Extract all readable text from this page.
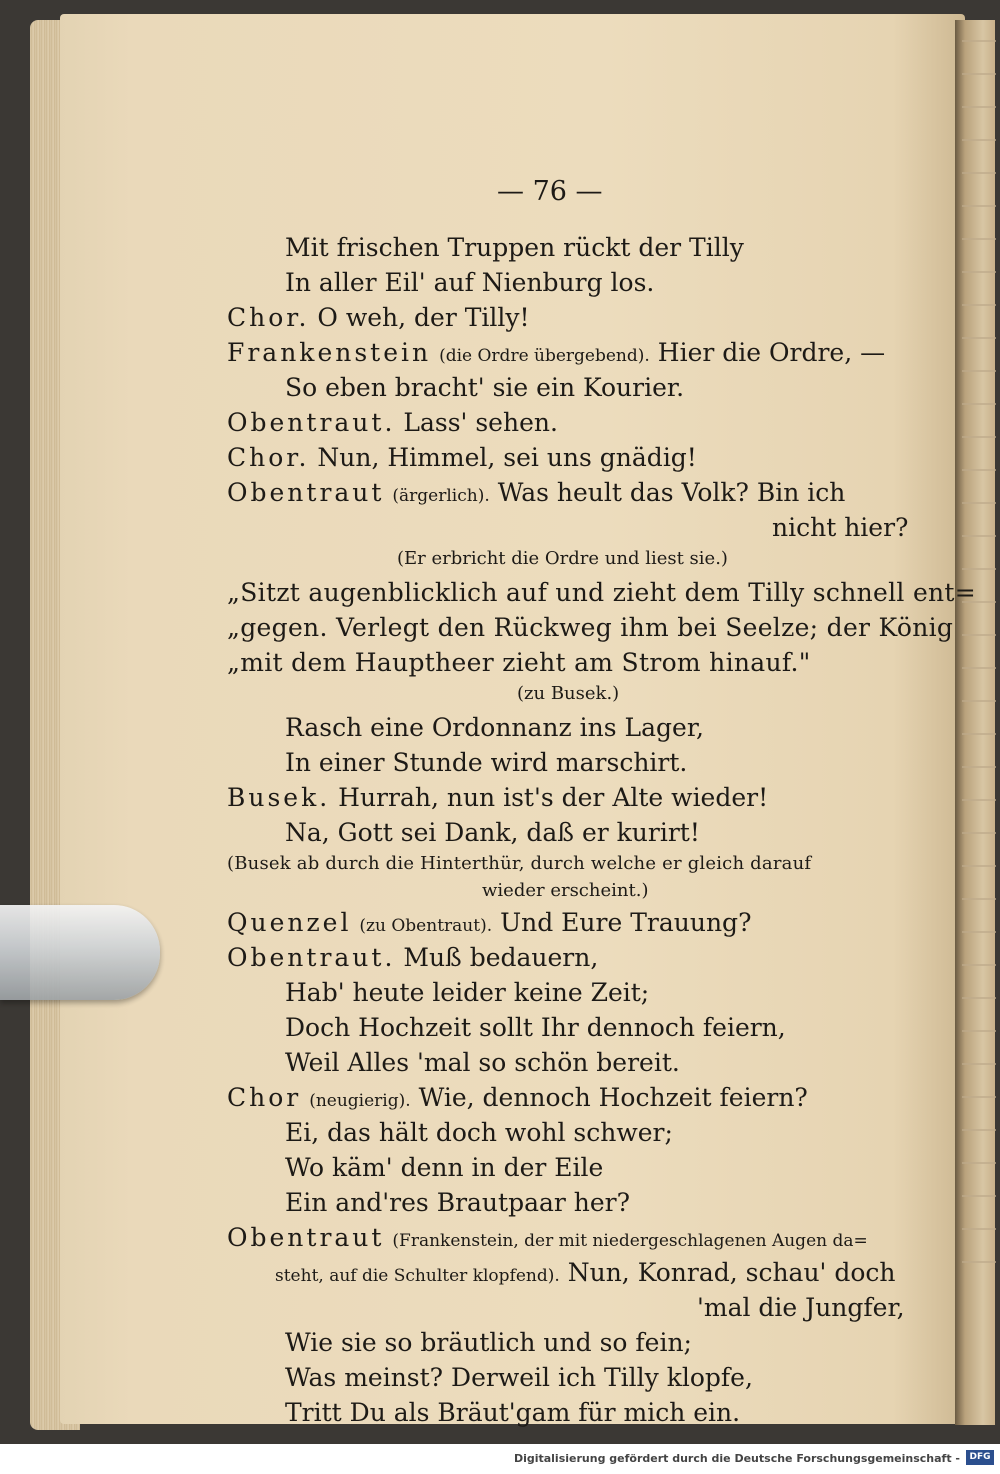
— 76 —
Mit frischen Truppen rückt der Tilly
In aller Eil' auf Nienburg los.
Chor. O weh, der Tilly!
Frankenstein (die Ordre übergebend). Hier die Ordre, —
So eben bracht' sie ein Kourier.
Obentraut. Lass' sehen.
Chor. Nun, Himmel, sei uns gnädig!
Obentraut (ärgerlich). Was heult das Volk? Bin ich
nicht hier?
(Er erbricht die Ordre und liest sie.)
„Sitzt augenblicklich auf und zieht dem Tilly schnell ent=
„gegen. Verlegt den Rückweg ihm bei Seelze; der König
„mit dem Hauptheer zieht am Strom hinauf."
(zu Busek.)
Rasch eine Ordonnanz ins Lager,
In einer Stunde wird marschirt.
Busek. Hurrah, nun ist's der Alte wieder!
Na, Gott sei Dank, daß er kurirt!
(Busek ab durch die Hinterthür, durch welche er gleich darauf
wieder erscheint.)
Quenzel (zu Obentraut). Und Eure Trauung?
Obentraut. Muß bedauern,
Hab' heute leider keine Zeit;
Doch Hochzeit sollt Ihr dennoch feiern,
Weil Alles 'mal so schön bereit.
Chor (neugierig). Wie, dennoch Hochzeit feiern?
Ei, das hält doch wohl schwer;
Wo käm' denn in der Eile
Ein and'res Brautpaar her?
Obentraut (Frankenstein, der mit niedergeschlagenen Augen da=
steht, auf die Schulter klopfend). Nun, Konrad, schau' doch
'mal die Jungfer,
Wie sie so bräutlich und so fein;
Was meinst? Derweil ich Tilly klopfe,
Tritt Du als Bräut'gam für mich ein.
Digitalisierung gefördert durch die Deutsche Forschungsgemeinschaft -	DFG
